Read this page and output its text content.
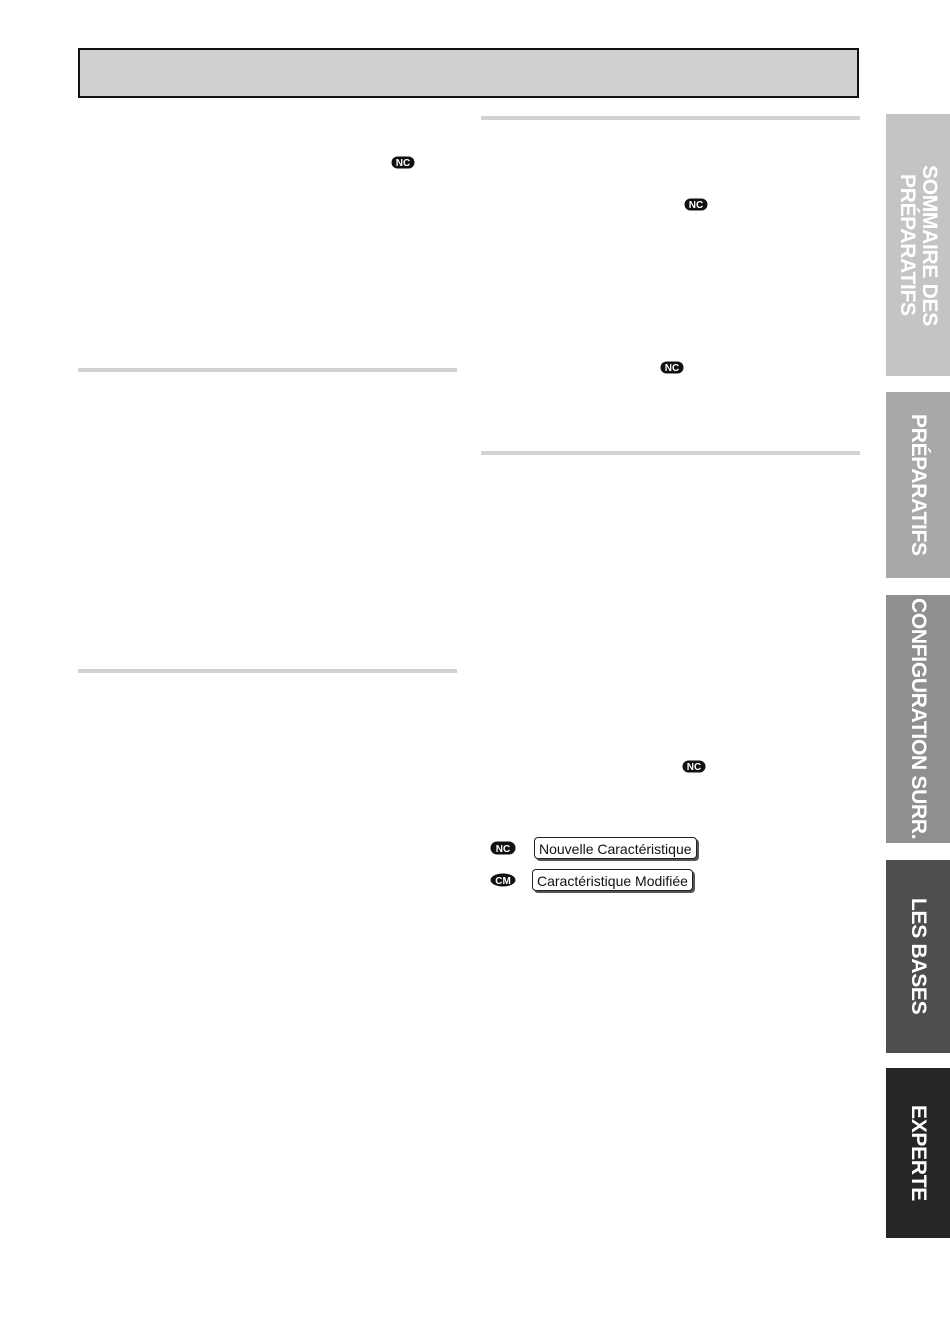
NC
NC
NC
NC
NC	Nouvelle Caractéristique
CM	Caractéristique Modifiée
SOMMAIRE DES
PRÉPARATIFS
PRÉPARATIFS
CONFIGURATION SURR.
LES BASES
EXPERTE
